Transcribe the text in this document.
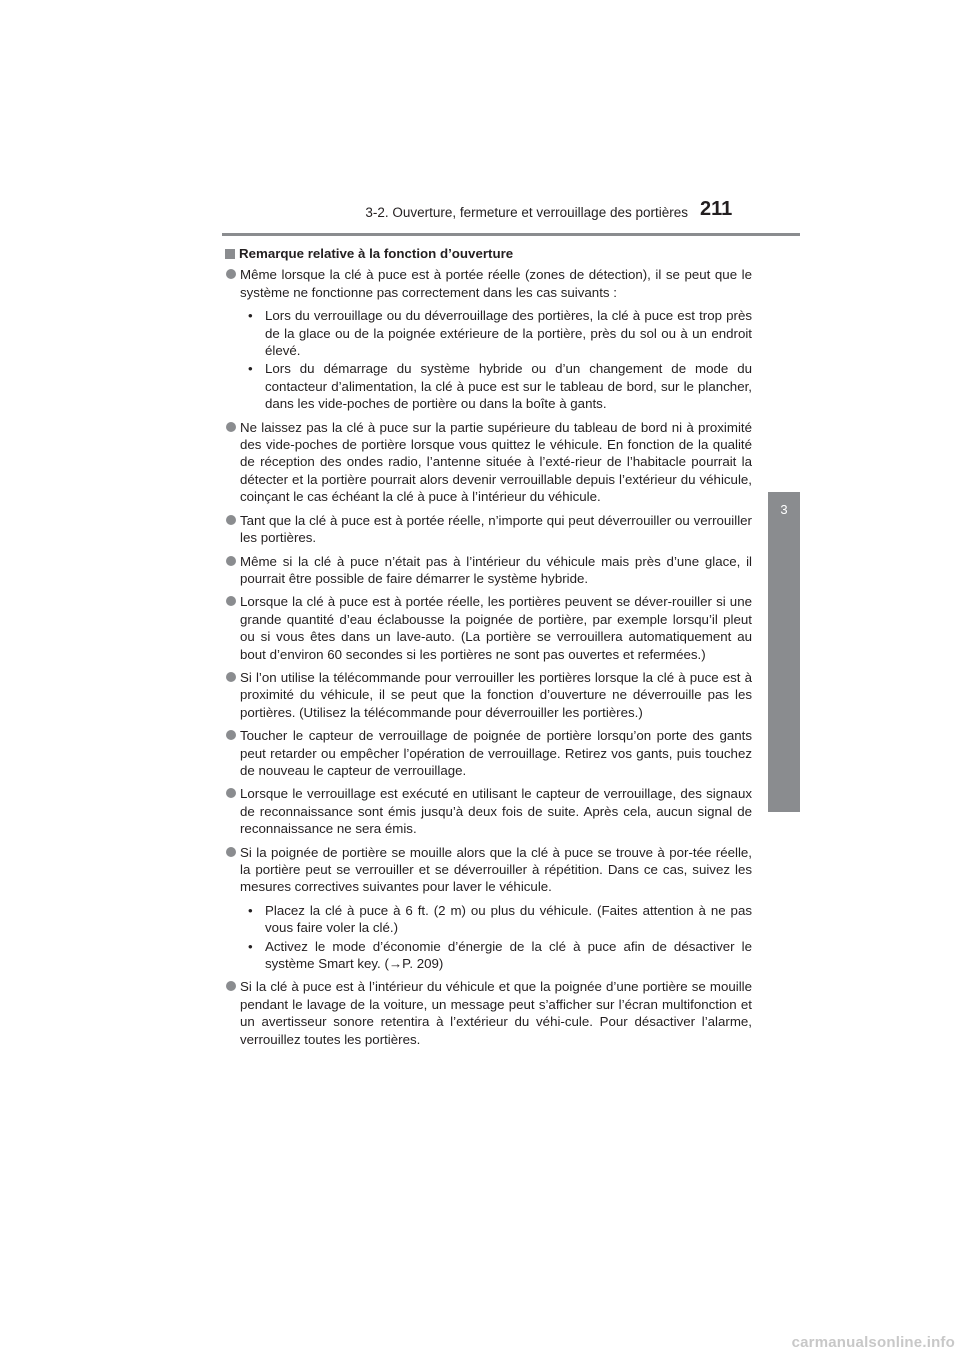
3-2. Ouverture, fermeture et verrouillage des portières 211
3
Fonctionnement de chaque composant
Remarque relative à la fonction d’ouverture
Même lorsque la clé à puce est à portée réelle (zones de détection), il se peut que le système ne fonctionne pas correctement dans les cas suivants :
• Lors du verrouillage ou du déverrouillage des portières, la clé à puce est trop près de la glace ou de la poignée extérieure de la portière, près du sol ou à un endroit élevé.
• Lors du démarrage du système hybride ou d’un changement de mode du contacteur d’alimentation, la clé à puce est sur le tableau de bord, sur le plancher, dans les vide-poches de portière ou dans la boîte à gants.
Ne laissez pas la clé à puce sur la partie supérieure du tableau de bord ni à proximité des vide-poches de portière lorsque vous quittez le véhicule. En fonction de la qualité de réception des ondes radio, l’antenne située à l’exté-rieur de l’habitacle pourrait la détecter et la portière pourrait alors devenir verrouillable depuis l’extérieur du véhicule, coinçant le cas échéant la clé à puce à l’intérieur du véhicule.
Tant que la clé à puce est à portée réelle, n’importe qui peut déverrouiller ou verrouiller les portières.
Même si la clé à puce n’était pas à l’intérieur du véhicule mais près d’une glace, il pourrait être possible de faire démarrer le système hybride.
Lorsque la clé à puce est à portée réelle, les portières peuvent se déver-rouiller si une grande quantité d’eau éclabousse la poignée de portière, par exemple lorsqu’il pleut ou si vous êtes dans un lave-auto. (La portière se verrouillera automatiquement au bout d’environ 60 secondes si les portières ne sont pas ouvertes et refermées.)
Si l’on utilise la télécommande pour verrouiller les portières lorsque la clé à puce est à proximité du véhicule, il se peut que la fonction d’ouverture ne déverrouille pas les portières. (Utilisez la télécommande pour déverrouiller les portières.)
Toucher le capteur de verrouillage de poignée de portière lorsqu’on porte des gants peut retarder ou empêcher l’opération de verrouillage. Retirez vos gants, puis touchez de nouveau le capteur de verrouillage.
Lorsque le verrouillage est exécuté en utilisant le capteur de verrouillage, des signaux de reconnaissance sont émis jusqu’à deux fois de suite. Après cela, aucun signal de reconnaissance ne sera émis.
Si la poignée de portière se mouille alors que la clé à puce se trouve à por-tée réelle, la portière peut se verrouiller et se déverrouiller à répétition. Dans ce cas, suivez les mesures correctives suivantes pour laver le véhicule.
• Placez la clé à puce à 6 ft. (2 m) ou plus du véhicule. (Faites attention à ne pas vous faire voler la clé.)
• Activez le mode d’économie d’énergie de la clé à puce afin de désactiver le système Smart key. (→P. 209)
Si la clé à puce est à l’intérieur du véhicule et que la poignée d’une portière se mouille pendant le lavage de la voiture, un message peut s’afficher sur l’écran multifonction et un avertisseur sonore retentira à l’extérieur du véhi-cule. Pour désactiver l’alarme, verrouillez toutes les portières.
carmanualsonline.info
